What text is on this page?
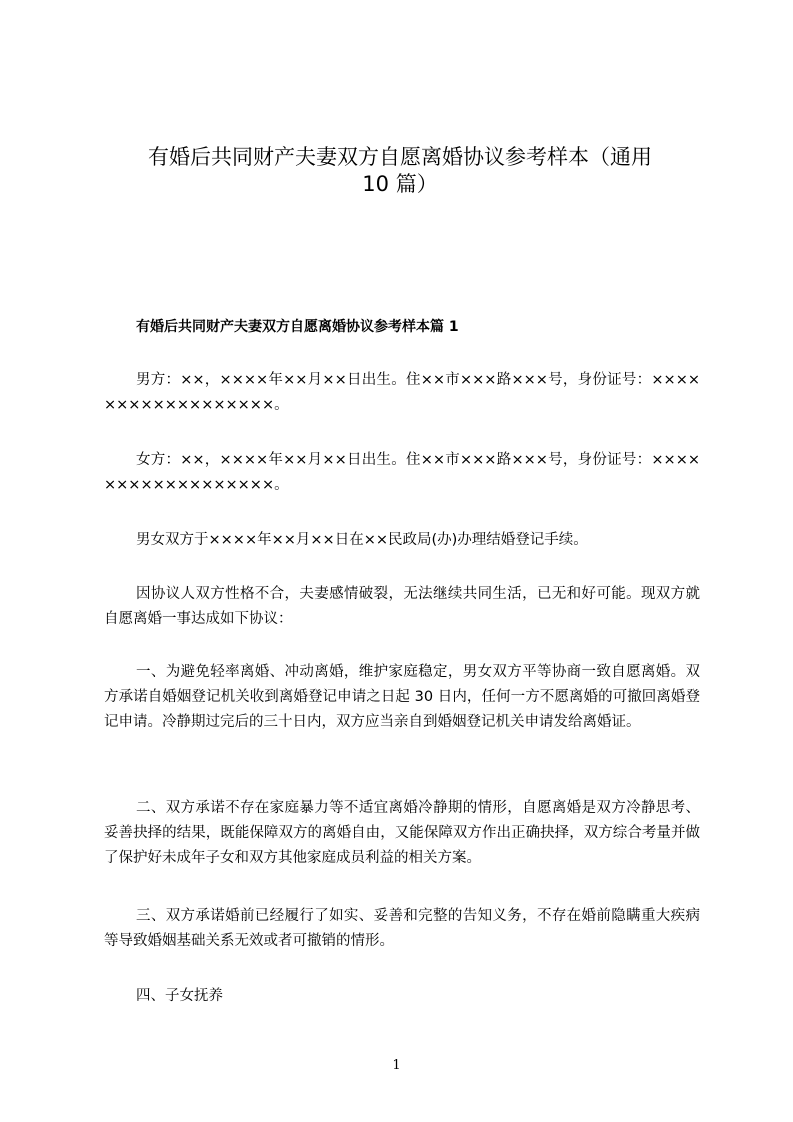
有婚后共同财产夫妻双方自愿离婚协议参考样本（通用
10 篇）
有婚后共同财产夫妻双方自愿离婚协议参考样本篇 1

男方：××，××××年××月××日出生。住××市×××路×××号，身份证号：××××××××××××××××××。

女方：××，××××年××月××日出生。住××市×××路×××号，身份证号：××××××××××××××××××。

男女双方于××××年××月××日在××民政局(办)办理结婚登记手续。

因协议人双方性格不合，夫妻感情破裂，无法继续共同生活，已无和好可能。现双方就自愿离婚一事达成如下协议：

一、为避免轻率离婚、冲动离婚，维护家庭稳定，男女双方平等协商一致自愿离婚。双方承诺自婚姻登记机关收到离婚登记申请之日起 30 日内，任何一方不愿离婚的可撤回离婚登记申请。冷静期过完后的三十日内，双方应当亲自到婚姻登记机关申请发给离婚证。

二、双方承诺不存在家庭暴力等不适宜离婚冷静期的情形，自愿离婚是双方冷静思考、妥善抉择的结果，既能保障双方的离婚自由，又能保障双方作出正确抉择，双方综合考量并做了保护好未成年子女和双方其他家庭成员利益的相关方案。

三、双方承诺婚前已经履行了如实、妥善和完整的告知义务，不存在婚前隐瞒重大疾病等导致婚姻基础关系无效或者可撤销的情形。

四、子女抚养

1
